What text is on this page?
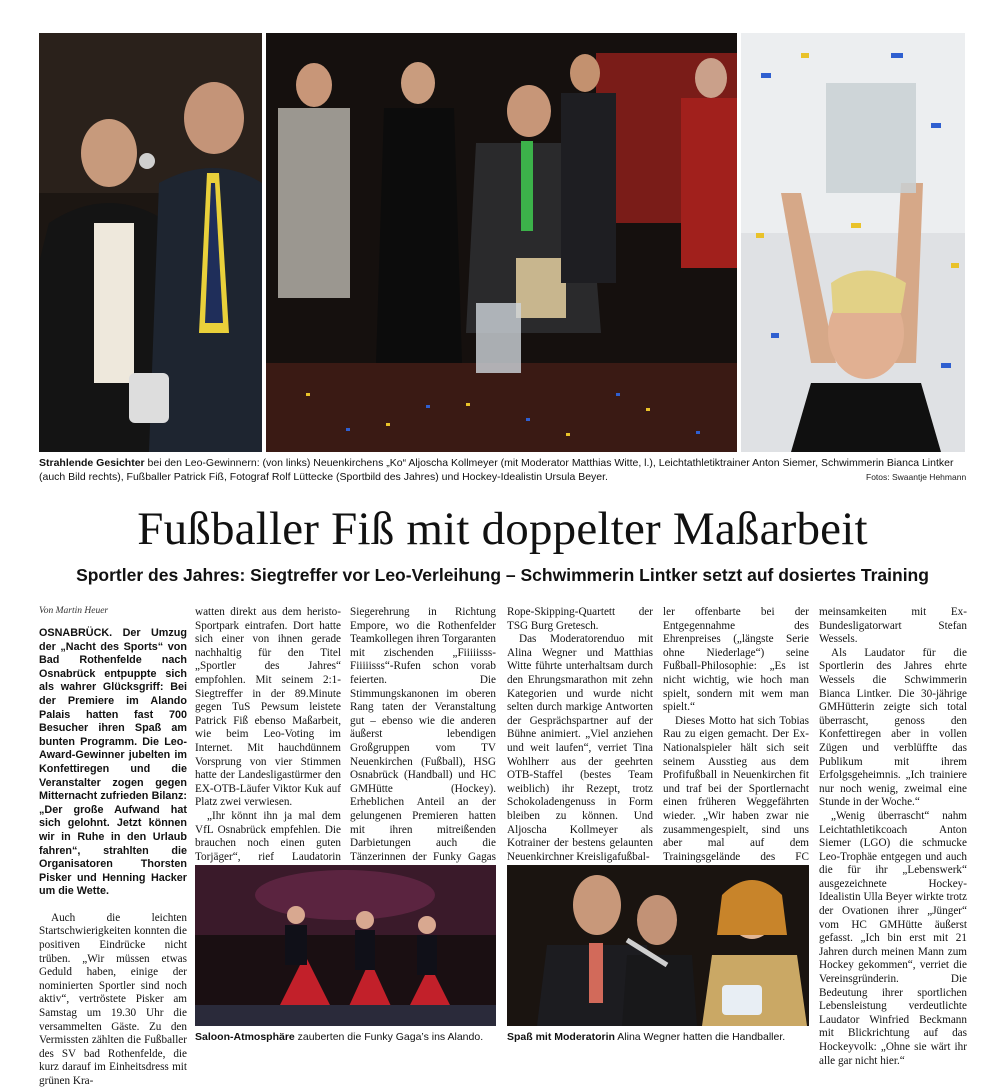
Strahlende Gesichter bei den Leo-Gewinnern: (von links) Neuenkirchens „Ko“ Aljoscha Kollmeyer (mit Moderator Matthias Witte, l.), Leichtathletiktrainer Anton Siemer, Schwimmerin Bianca Lintker (auch Bild rechts), Fußballer Patrick Fiß, Fotograf Rolf Lüttecke (Sportbild des Jahres) und Hockey-Idealistin Ursula Beyer.	Fotos: Swaantje Hehmann
Fußballer Fiß mit doppelter Maßarbeit
Sportler des Jahres: Siegtreffer vor Leo-Verleihung – Schwimmerin Lintker setzt auf dosiertes Training
Von Martin Heuer

OSNABRÜCK. Der Umzug der „Nacht des Sports“ von Bad Rothenfelde nach Osnabrück entpuppte sich als wahrer Glücksgriff: Bei der Premiere im Alando Palais hatten fast 700 Besucher ihren Spaß am bunten Programm. Die Leo-Award-Gewinner jubelten im Konfettiregen und die Veranstalter zogen gegen Mitternacht zufrieden Bilanz: „Der große Aufwand hat sich gelohnt. Jetzt können wir in Ruhe in den Urlaub fahren“, strahlten die Organisatoren Thorsten Pisker und Henning Hacker um die Wette.

Auch die leichten Startschwierigkeiten konnten die positiven Eindrücke nicht trüben. „Wir müssen etwas Geduld haben, einige der nominierten Sportler sind noch aktiv“, vertröstete Pisker am Samstag um 19.30 Uhr die versammelten Gäste. Zu den Vermissten zählten die Fußballer des SV bad Rothenfelde, die kurz darauf im Einheitsdress mit grünen Kra-

watten direkt aus dem heristo-Sportpark eintrafen. Dort hatte sich einer von ihnen gerade nachhaltig für den Titel „Sportler des Jahres“ empfohlen. Mit seinem 2:1-Siegtreffer in der 89.Minute gegen TuS Pewsum leistete Patrick Fiß ebenso Maßarbeit, wie beim Leo-Voting im Internet. Mit hauchdünnem Vorsprung von vier Stimmen hatte der Landesligastürmer den EX-OTB-Läufer Viktor Kuk auf Platz zwei verwiesen.

„Ihr könnt ihn ja mal dem VfL Osnabrück empfehlen. Die brauchen noch einen guten Torjäger“, rief Laudatorin

Siegerehrung in Richtung Empore, wo die Rothenfelder Teamkollegen ihren Torgaranten mit zischenden „Fiiiiisss-Fiiiiisss“-Rufen schon vorab feierten. Die Stimmungskanonen im oberen Rang taten der Veranstaltung gut – ebenso wie die anderen äußerst lebendigen Großgruppen vom TV Neuenkirchen (Fußball), HSG Osnabrück (Handball) und HC GMHütte (Hockey). Erheblichen Anteil an der gelungenen Premieren hatten mit ihren mitreißenden Darbietungen auch die Tänzerinnen der Funky Gagas

Rope-Skipping-Quartett der TSG Burg Gretesch.

Das Moderatorenduo mit Alina Wegner und Matthias Witte führte unterhaltsam durch den Ehrungsmarathon mit zehn Kategorien und wurde nicht selten durch markige Antworten der Gesprächspartner auf der Bühne animiert. „Viel anziehen und weit laufen“, verriet Tina Wohlherr aus der geehrten OTB-Staffel (bestes Team weiblich) ihr Rezept, trotz Schokoladengenuss in Form bleiben zu können. Und Aljoscha Kollmeyer als Kotrainer der bestens gelaunten Neuenkirchner Kreisligafußbal-

ler offenbarte bei der Entgegennahme des Ehrenpreises („längste Serie ohne Niederlage“) seine Fußball-Philosophie: „Es ist nicht wichtig, wie hoch man spielt, sondern mit wem man spielt.“

Dieses Motto hat sich Tobias Rau zu eigen gemacht. Der Ex-Nationalspieler hält sich seit seinem Ausstieg aus dem Profifußball in Neuenkirchen fit und traf bei der Sportlernacht einen früheren Weggefährten wieder. „Wir haben zwar nie zusammengespielt, sind uns aber mal auf dem Trainingsgelände des FC

meinsamkeiten mit Ex-Bundesligatorwart Stefan Wessels.

Als Laudator für die Sportlerin des Jahres ehrte Wessels die Schwimmerin Bianca Lintker. Die 30-jährige GMHütterin zeigte sich total überrascht, genoss den Konfettiregen aber in vollen Zügen und verblüffte das Publikum mit ihrem Erfolgsgeheimnis. „Ich trainiere nur noch wenig, zweimal eine Stunde in der Woche.“

„Wenig überrascht“ nahm Leichtathletikcoach Anton Siemer (LGO) die schmucke Leo-Trophäe entgegen und auch die für ihr „Lebenswerk“ ausgezeichnete Hockey-Idealistin Ulla Beyer wirkte trotz der Ovationen ihrer „Jünger“ vom HC GMHütte äußerst gefasst. „Ich bin erst mit 21 Jahren durch meinen Mann zum Hockey gekommen“, verriet die Vereinsgründerin. Die Bedeutung ihrer sportlichen Lebensleistung verdeutlichte Laudator Winfried Beckmann mit Blickrichtung auf das Hockeyvolk: „Ohne sie wärt ihr alle gar nicht hier.“

Saloon-Atmosphäre zauberten die Funky Gaga’s ins Alando.	Spaß mit Moderatorin Alina Wegner hatten die Handballer.
